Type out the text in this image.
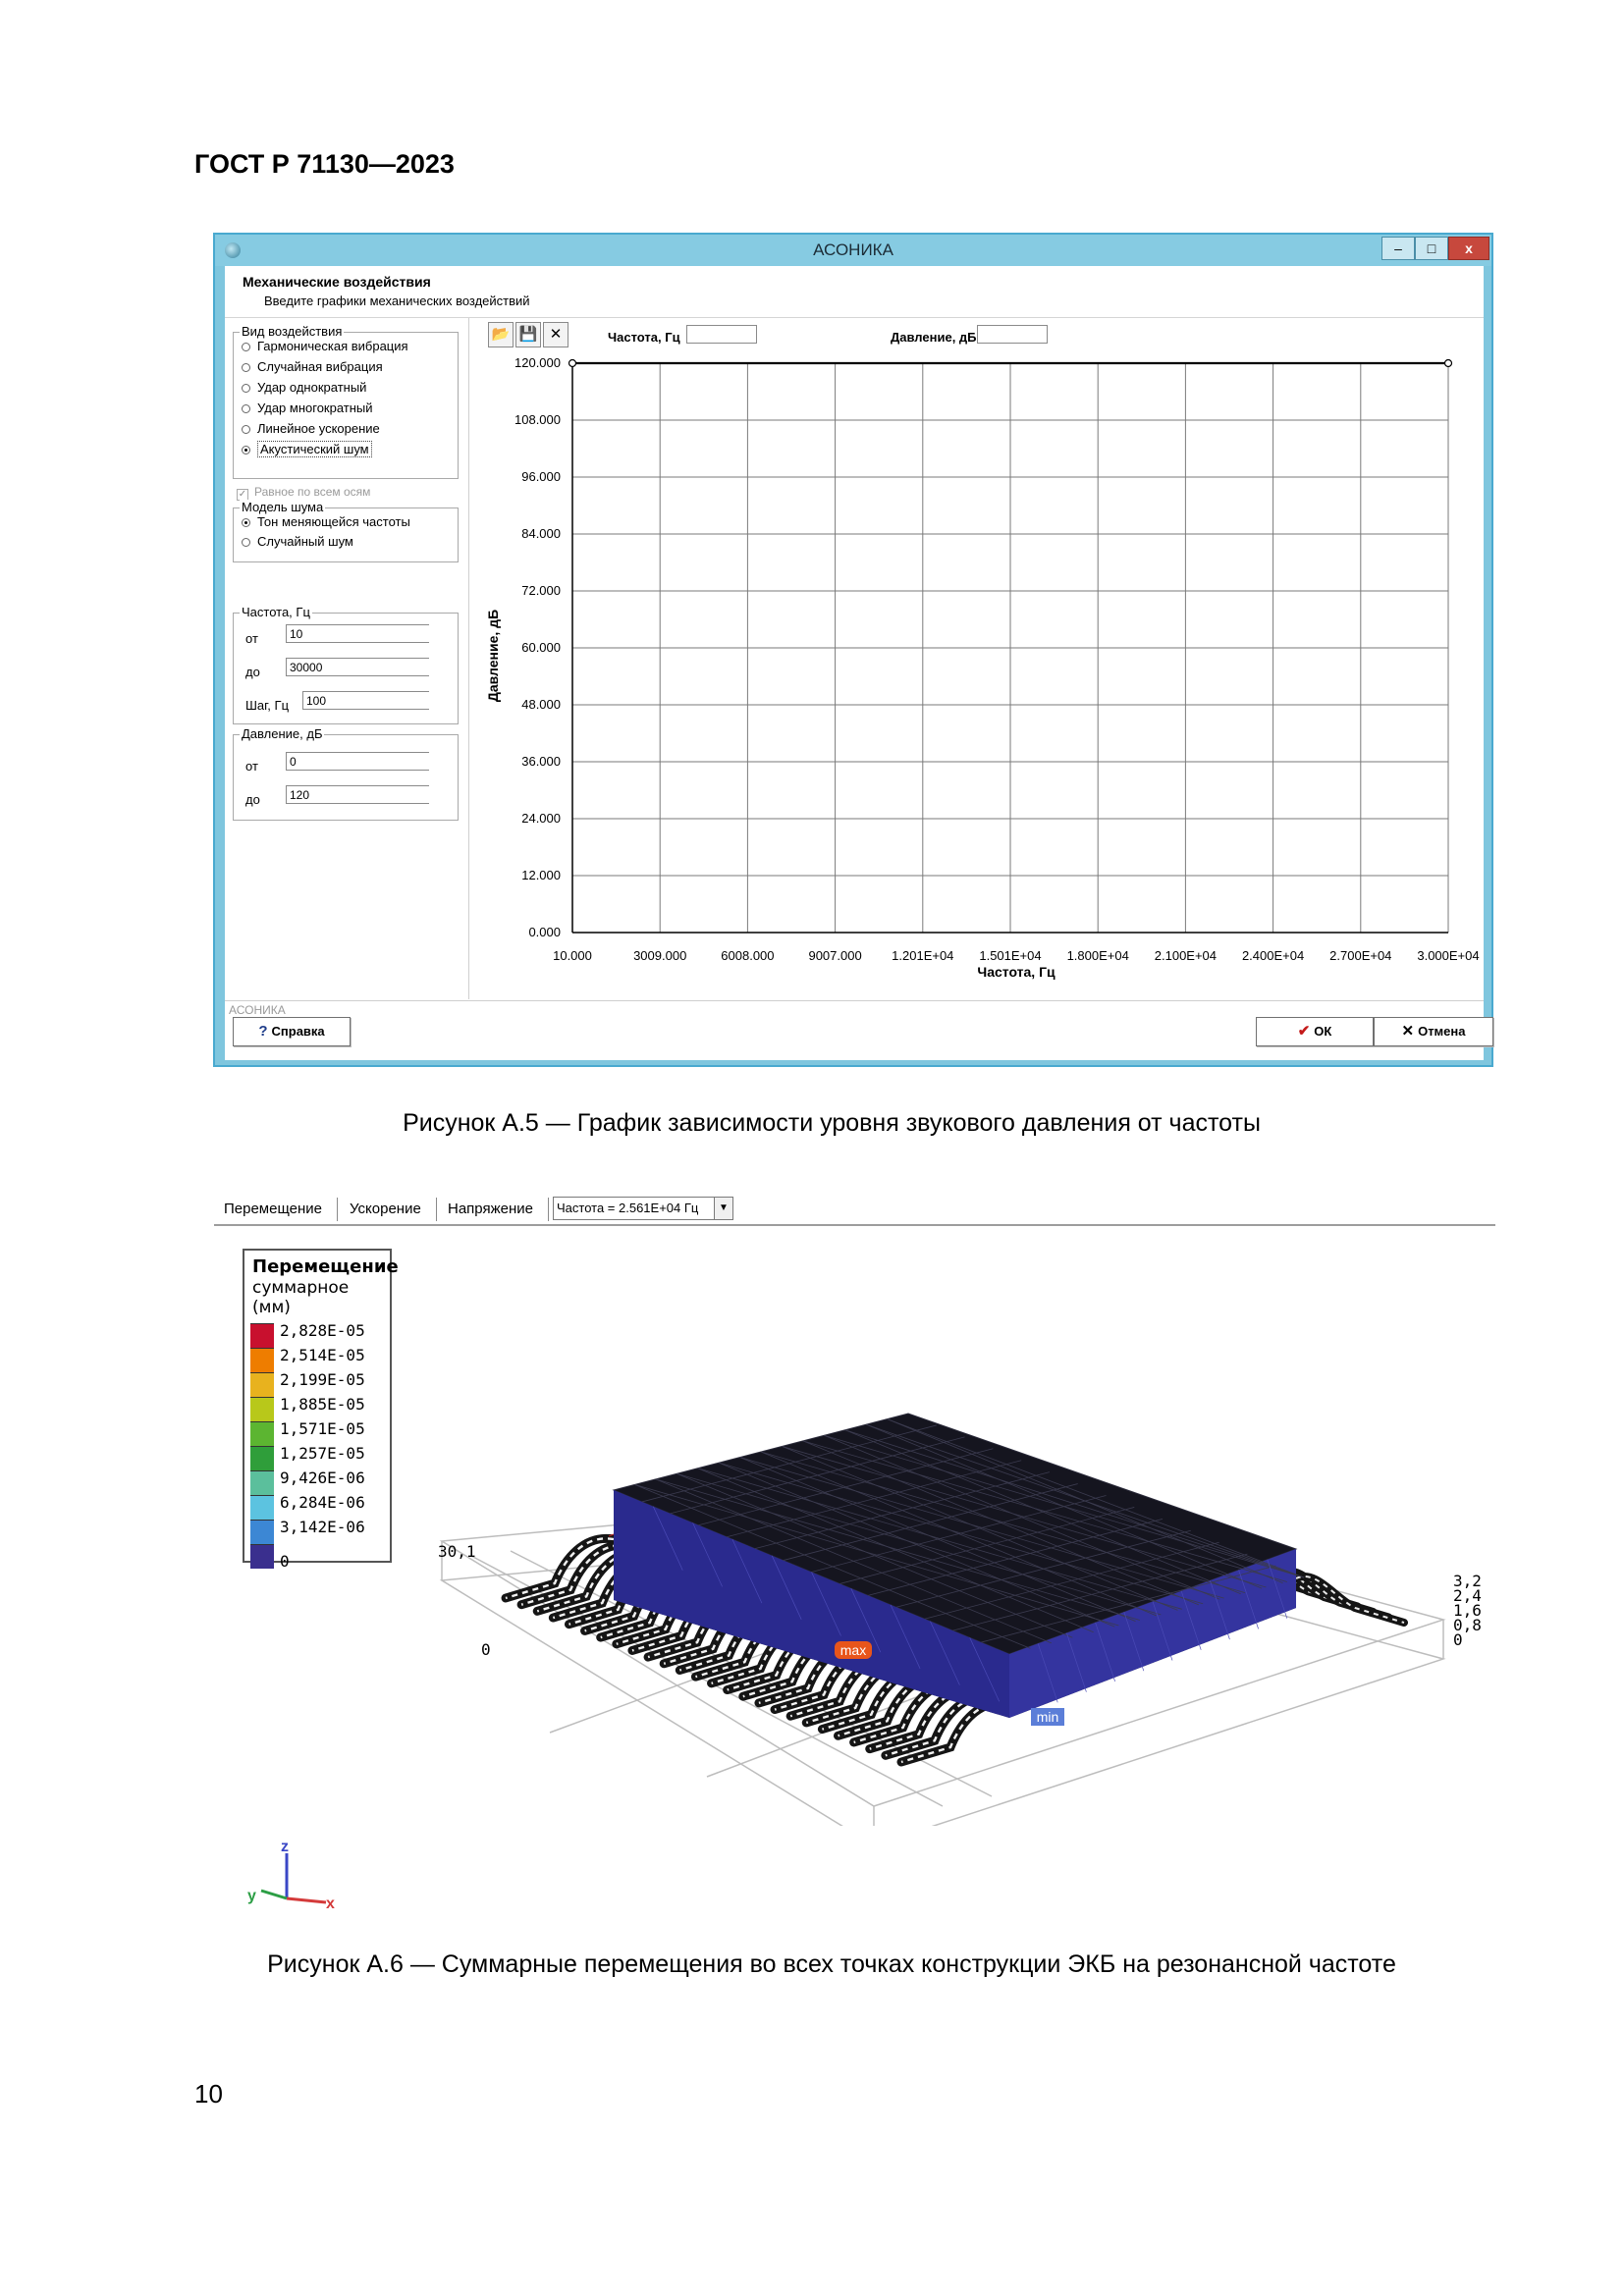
ГОСТ Р 71130—2023
АСОНИКА	–	□	x
Механические воздействия
Введите графики механических воздействий
Вид воздействия
Гармоническая вибрация
Случайная вибрация
Удар однократный
Удар многократный
Линейное ускорение
Акустический шум
✓ Равное по всем осям
Модель шума
Тон меняющейся частоты
Случайный шум
Частота, Гц
от	10
до	30000
Шаг, Гц	100
Давление, дБ
от	0
до	120
📂 💾 ✕	Частота, Гц	Давление, дБ
10.000	3009.000	6008.000	9007.000 1.201E+04 1.501E+04 1.800E+04 2.100E+04 2.400E+04 2.700E+04 3.000E+04
0.000
12.000
24.000
36.000
48.000
60.000
72.000
84.000
96.000
108.000
120.000
Частота, Гц
Давление, дБ
АСОНИКА
? Справка	✔ ОК	✕ Отмена
Рисунок А.5 — График зависимости уровня звукового давления от частоты
Перемещение Ускорение Напряжение	Частота = 2.561E+04 Гц	▼
Перемещение
суммарное
(мм)
2,828E-05
2,514E-05
2,199E-05
1,885E-05
1,571E-05
1,257E-05
9,426E-06
6,284E-06
3,142E-06
0
max
min
30,1
0
3,2
2,4
1,6
0,8
0
z
y	x
Рисунок А.6 — Суммарные перемещения во всех точках конструкции ЭКБ на резонансной частоте
10
